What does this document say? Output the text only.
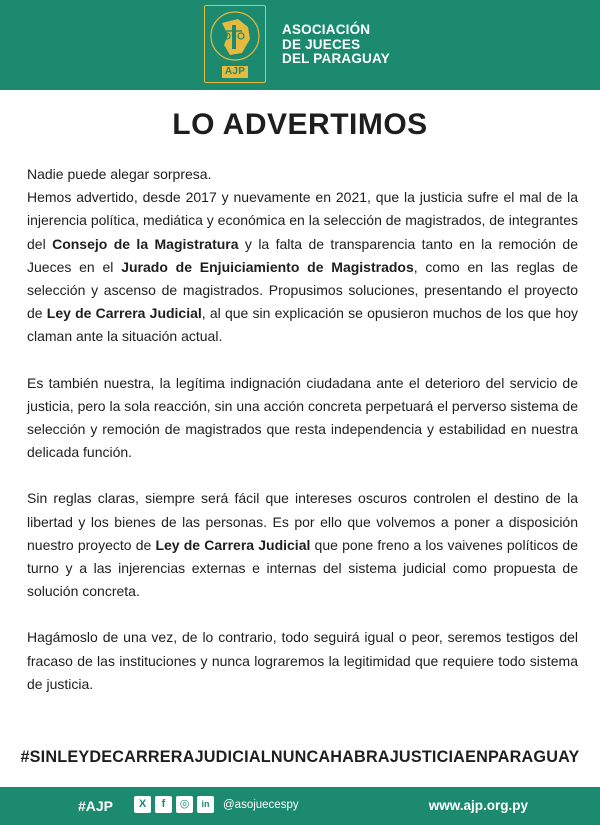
AJP
ASOCIACIÓN
DE JUECES
DEL PARAGUAY
LO ADVERTIMOS

Nadie puede alegar sorpresa.
Hemos advertido, desde 2017 y nuevamente en 2021, que la justicia sufre el mal de la injerencia política, mediática y económica en la selección de magistrados, de integrantes del Consejo de la Magistratura y la falta de transparencia tanto en la remoción de Jueces en el Jurado de Enjuiciamiento de Magistrados, como en las reglas de selección y ascenso de magistrados. Propusimos soluciones, presentando el proyecto de Ley de Carrera Judicial, al que sin explicación se opusieron muchos de los que hoy claman ante la situación actual.

Es también nuestra, la legítima indignación ciudadana ante el deterioro del servicio de justicia, pero la sola reacción, sin una acción concreta perpetuará el perverso sistema de selección y remoción de magistrados que resta independencia y estabilidad en nuestra delicada función.

Sin reglas claras, siempre será fácil que intereses oscuros controlen el destino de la libertad y los bienes de las personas. Es por ello que volvemos a poner a disposición nuestro proyecto de Ley de Carrera Judicial que pone freno a los vaivenes políticos de turno y a las injerencias externas e internas del sistema judicial como propuesta de solución concreta.

Hagámoslo de una vez, de lo contrario, todo seguirá igual o peor, seremos testigos del fracaso de las instituciones y nunca lograremos la legitimidad que requiere todo sistema de justicia.

#SINLEYDECARRERAJUDICIALNUNCAHABRAJUSTICIAENPARAGUAY
#AJP	X	f	◎	in	@asojuecespy	www.ajp.org.py
